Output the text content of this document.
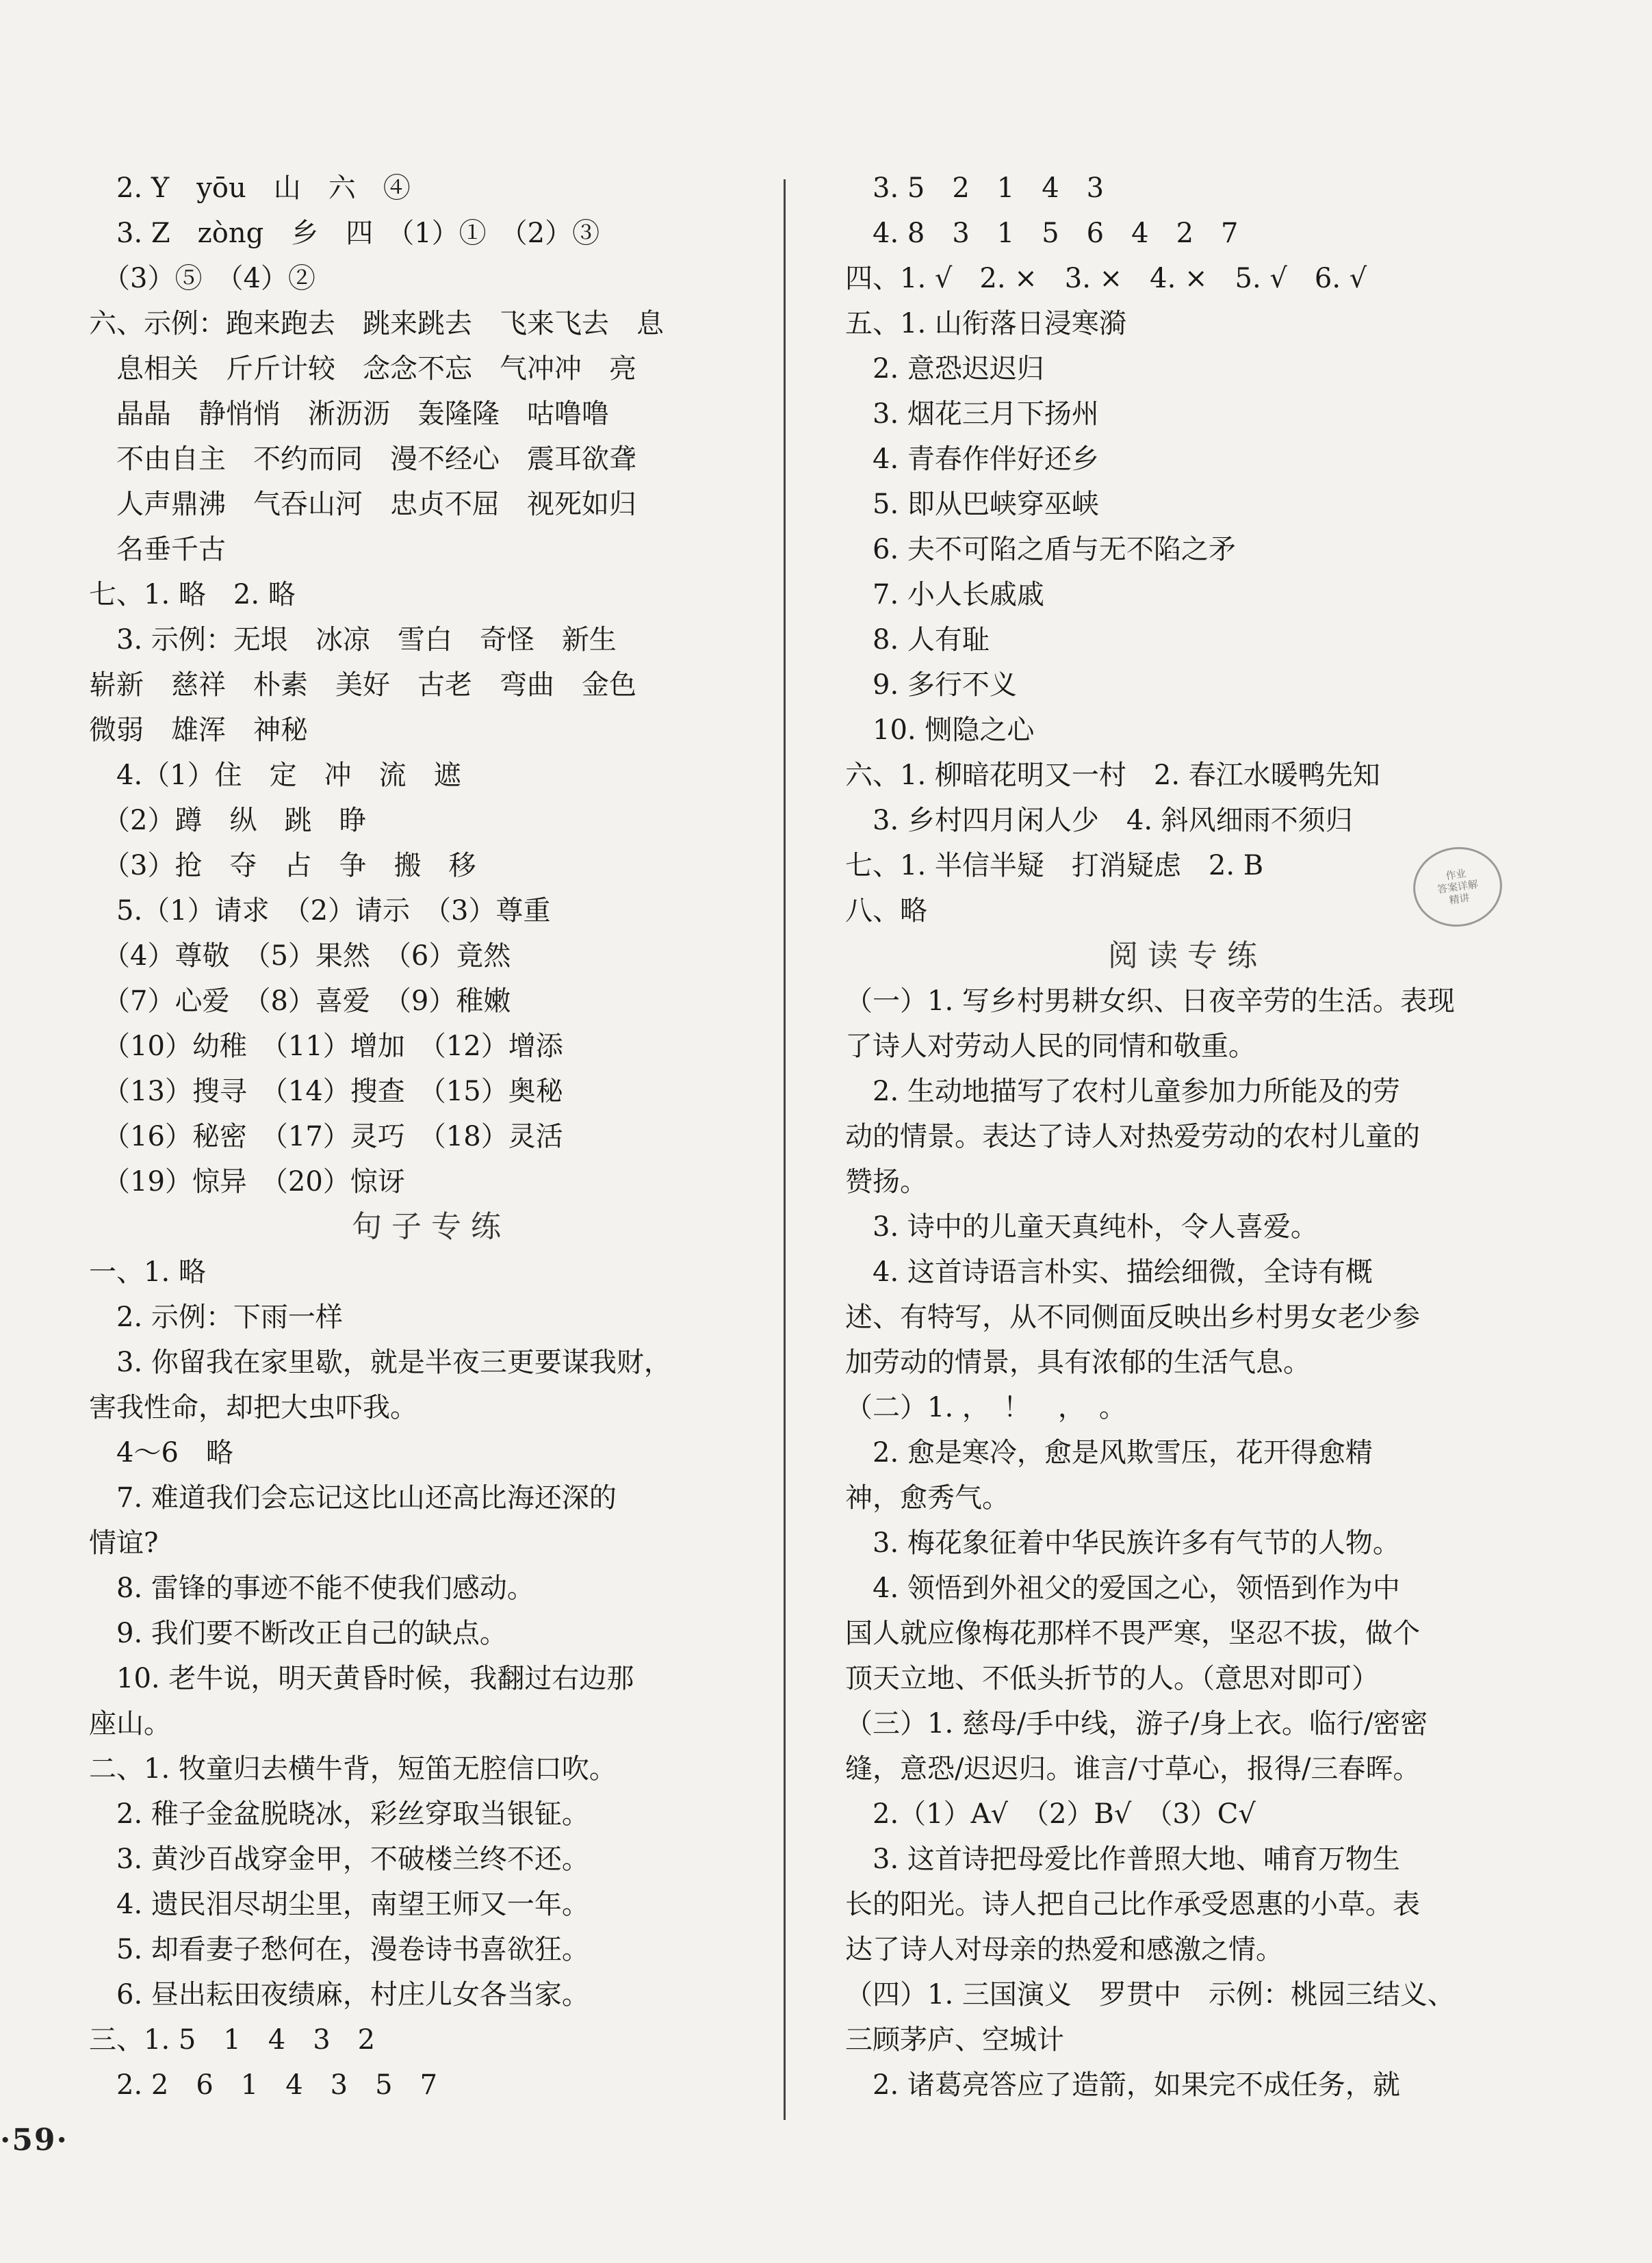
　2. Y　yōu　山　六　④
　3. Z　zòng　乡　四　（1）①　（2）③
　（3）⑤　（4）②
六、示例：跑来跑去　跳来跳去　飞来飞去　息
　息相关　斤斤计较　念念不忘　气冲冲　亮
　晶晶　静悄悄　淅沥沥　轰隆隆　咕噜噜
　不由自主　不约而同　漫不经心　震耳欲聋
　人声鼎沸　气吞山河　忠贞不屈　视死如归
　名垂千古
七、1. 略　2. 略
　3. 示例：无垠　冰凉　雪白　奇怪　新生
崭新　慈祥　朴素　美好　古老　弯曲　金色
微弱　雄浑　神秘
　4.（1）住　定　冲　流　遮
　（2）蹲　纵　跳　睁
　（3）抢　夺　占　争　搬　移
　5.（1）请求　（2）请示　（3）尊重
　（4）尊敬　（5）果然　（6）竟然
　（7）心爱　（8）喜爱　（9）稚嫩
　（10）幼稚　（11）增加　（12）增添
　（13）搜寻　（14）搜查　（15）奥秘
　（16）秘密　（17）灵巧　（18）灵活
　（19）惊异　（20）惊讶
句子专练
一、1. 略
　2. 示例：下雨一样
　3. 你留我在家里歇，就是半夜三更要谋我财，
害我性命，却把大虫吓我。
　4～6　略
　7. 难道我们会忘记这比山还高比海还深的
情谊?
　8. 雷锋的事迹不能不使我们感动。
　9. 我们要不断改正自己的缺点。
　10. 老牛说，明天黄昏时候，我翻过右边那
座山。
二、1. 牧童归去横牛背，短笛无腔信口吹。
　2. 稚子金盆脱晓冰，彩丝穿取当银钲。
　3. 黄沙百战穿金甲，不破楼兰终不还。
　4. 遗民泪尽胡尘里，南望王师又一年。
　5. 却看妻子愁何在，漫卷诗书喜欲狂。
　6. 昼出耘田夜绩麻，村庄儿女各当家。
三、1. 5　1　4　3　2
　2. 2　6　1　4　3　5　7
　3. 5　2　1　4　3
　4. 8　3　1　5　6　4　2　7
四、1. √　2. ×　3. ×　4. ×　5. √　6. √
五、1. 山衔落日浸寒漪
　2. 意恐迟迟归
　3. 烟花三月下扬州
　4. 青春作伴好还乡
　5. 即从巴峡穿巫峡
　6. 夫不可陷之盾与无不陷之矛
　7. 小人长戚戚
　8. 人有耻
　9. 多行不义
　10. 恻隐之心
六、1. 柳暗花明又一村　2. 春江水暖鸭先知
　3. 乡村四月闲人少　4. 斜风细雨不须归
七、1. 半信半疑　打消疑虑　2. B
八、略
阅读专练
（一）1. 写乡村男耕女织、日夜辛劳的生活。表现
了诗人对劳动人民的同情和敬重。
　2. 生动地描写了农村儿童参加力所能及的劳
动的情景。表达了诗人对热爱劳动的农村儿童的
赞扬。
　3. 诗中的儿童天真纯朴，令人喜爱。
　4. 这首诗语言朴实、描绘细微，全诗有概
述、有特写，从不同侧面反映出乡村男女老少参
加劳动的情景，具有浓郁的生活气息。
（二）1. ，　！　，　。
　2. 愈是寒冷，愈是风欺雪压，花开得愈精
神，愈秀气。
　3. 梅花象征着中华民族许多有气节的人物。
　4. 领悟到外祖父的爱国之心，领悟到作为中
国人就应像梅花那样不畏严寒，坚忍不拔，做个
顶天立地、不低头折节的人。（意思对即可）
（三）1. 慈母/手中线，游子/身上衣。临行/密密
缝，意恐/迟迟归。谁言/寸草心，报得/三春晖。
　2.（1）A√　（2）B√　（3）C√
　3. 这首诗把母爱比作普照大地、哺育万物生
长的阳光。诗人把自己比作承受恩惠的小草。表
达了诗人对母亲的热爱和感激之情。
（四）1. 三国演义　罗贯中　示例：桃园三结义、
三顾茅庐、空城计
　2. 诸葛亮答应了造箭，如果完不成任务，就
作业
答案详解
精讲
·59·
